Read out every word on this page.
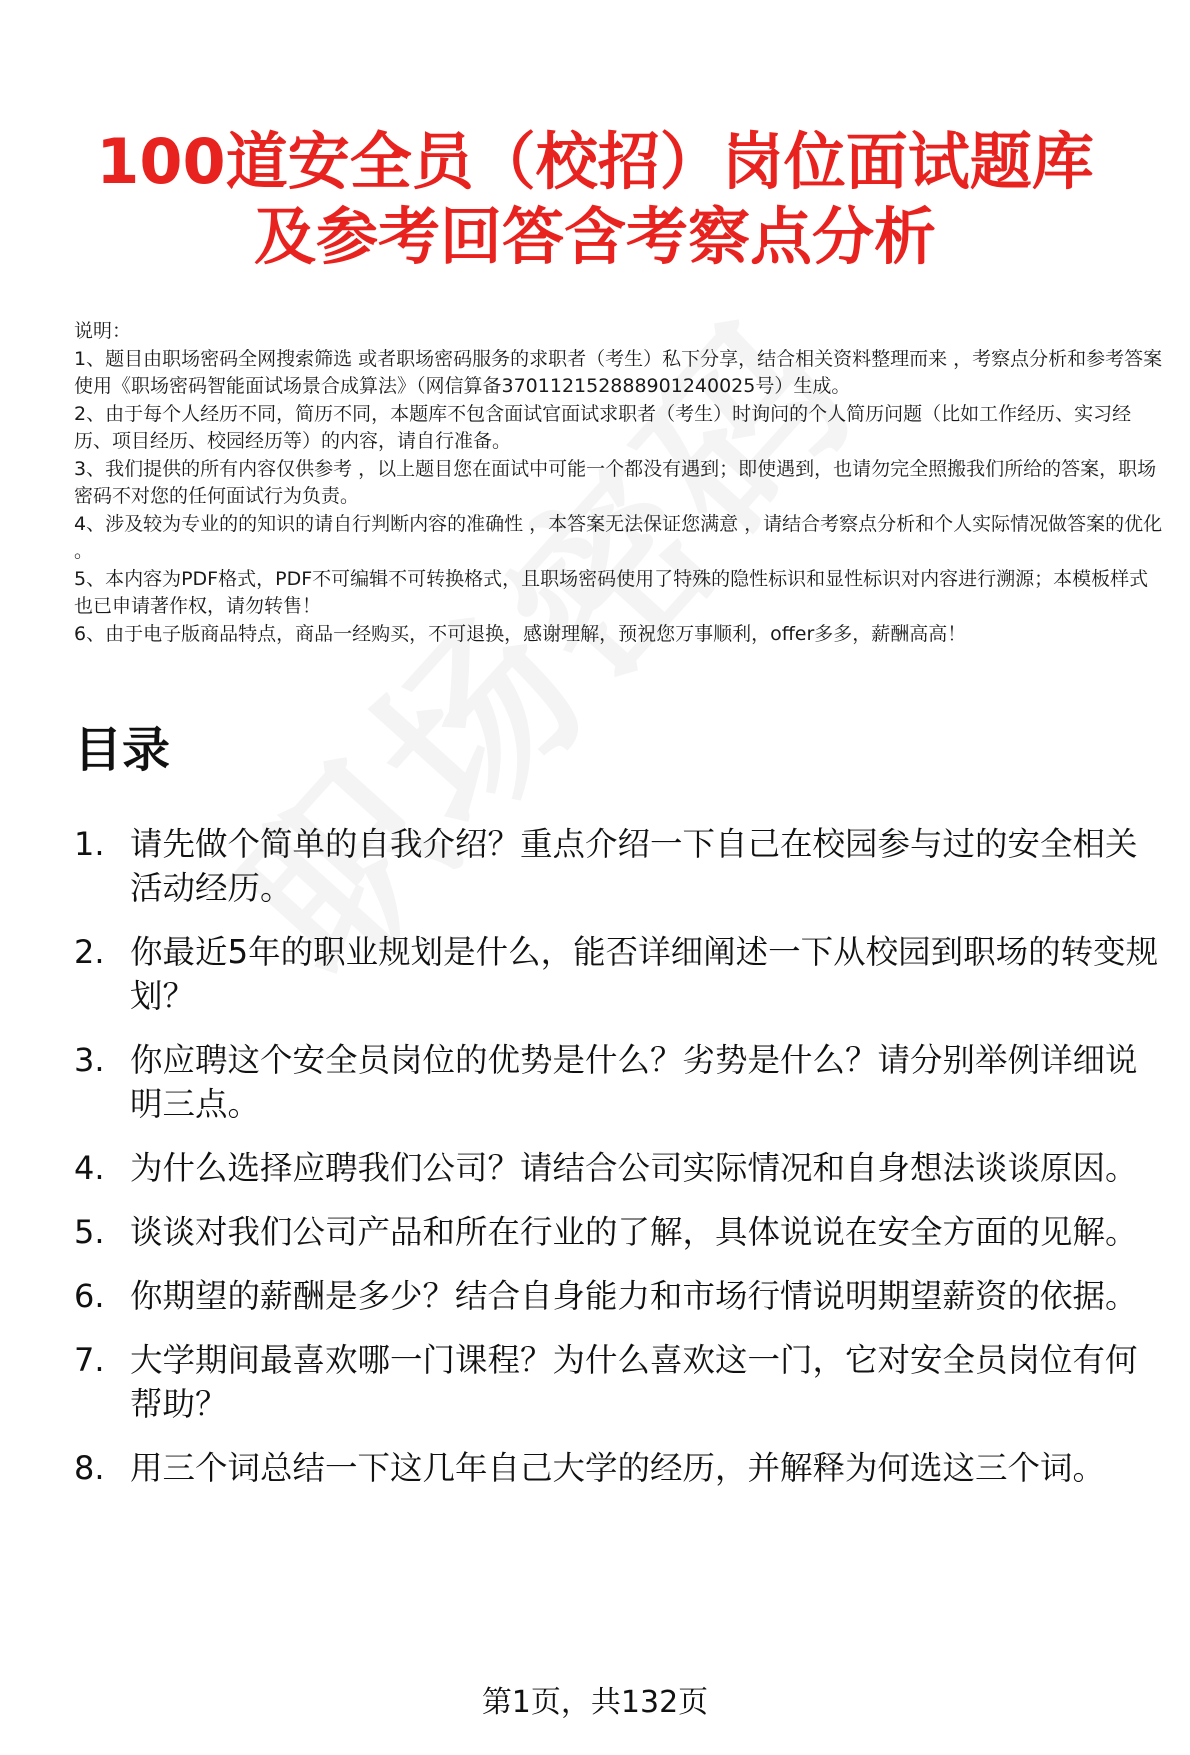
100道安全员（校招）岗位面试题库
及参考回答含考察点分析

说明：

1、题目由职场密码全网搜索筛选 或者职场密码服务的求职者（考生）私下分享，结合相关资料整理而来 ，考察点分析和参考答案使用《职场密码智能面试场景合成算法》（网信算备370112152888901240025号）生成。

2、由于每个人经历不同，简历不同，本题库不包含面试官面试求职者（考生）时询问的个人简历问题（比如工作经历、实习经历、项目经历、校园经历等）的内容，请自行准备。

3、我们提供的所有内容仅供参考 ，以上题目您在面试中可能一个都没有遇到；即使遇到，也请勿完全照搬我们所给的答案，职场密码不对您的任何面试行为负责。

4、涉及较为专业的的知识的请自行判断内容的准确性 ，本答案无法保证您满意 ，请结合考察点分析和个人实际情况做答案的优化 。

5、本内容为PDF格式，PDF不可编辑不可转换格式，且职场密码使用了特殊的隐性标识和显性标识对内容进行溯源；本模板样式也已申请著作权，请勿转售！

6、由于电子版商品特点，商品一经购买，不可退换，感谢理解，预祝您万事顺利，offer多多，薪酬高高！

目录
1. 请先做个简单的自我介绍？重点介绍一下自己在校园参与过的安全相关活动经历。
2. 你最近5年的职业规划是什么，能否详细阐述一下从校园到职场的转变规划？
3. 你应聘这个安全员岗位的优势是什么？劣势是什么？请分别举例详细说明三点。
4. 为什么选择应聘我们公司？请结合公司实际情况和自身想法谈谈原因。
5. 谈谈对我们公司产品和所在行业的了解，具体说说在安全方面的见解。
6. 你期望的薪酬是多少？结合自身能力和市场行情说明期望薪资的依据。
7. 大学期间最喜欢哪一门课程？为什么喜欢这一门，它对安全员岗位有何帮助？
8. 用三个词总结一下这几年自己大学的经历，并解释为何选这三个词。
第1页，共132页
